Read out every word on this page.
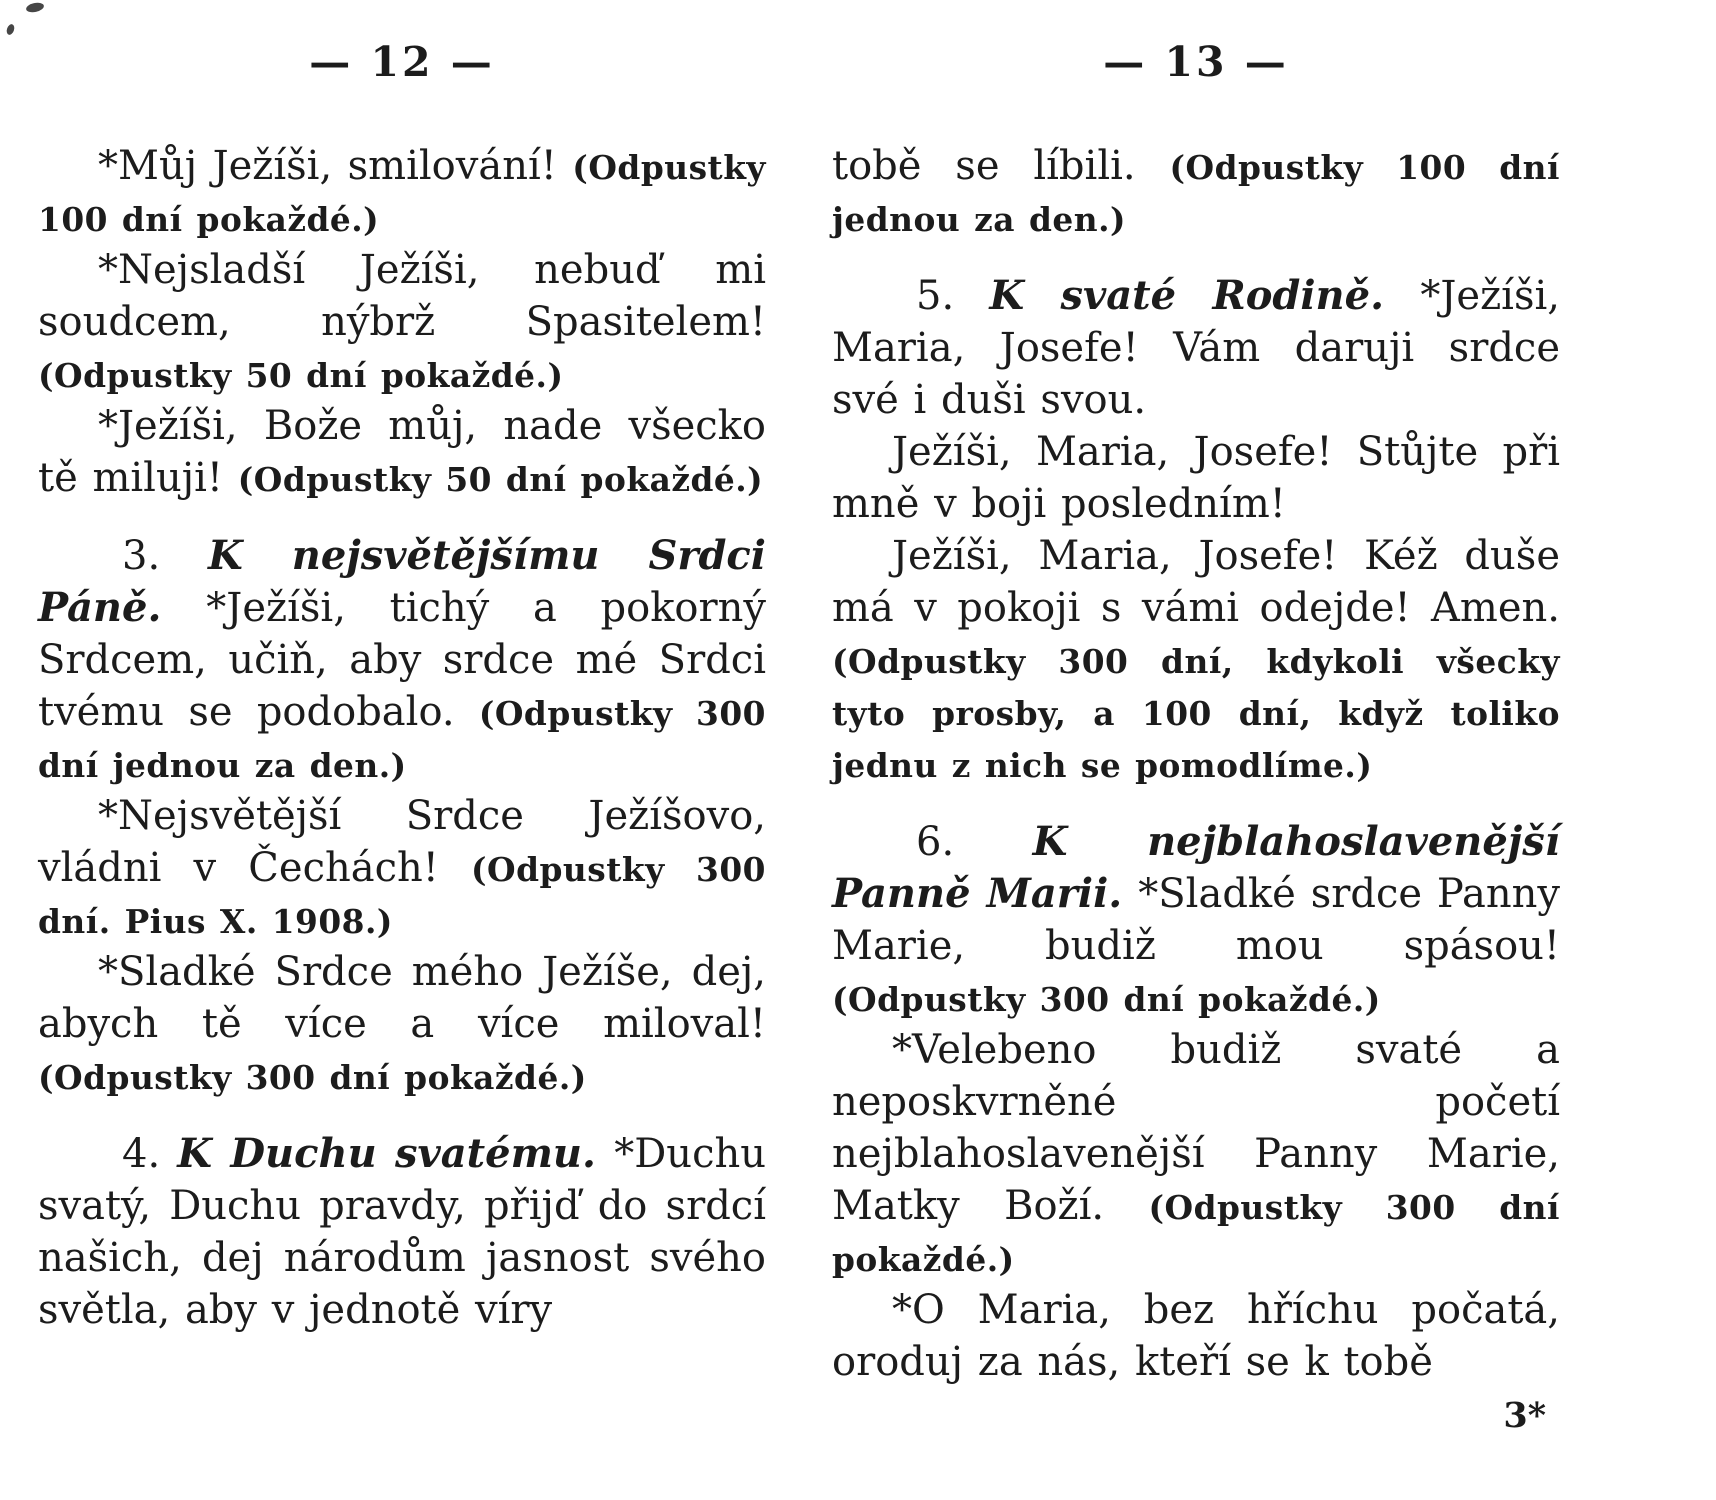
— 12 —

*Můj Ježíši, smilování! (Odpustky 100 dní pokaždé.)

*Nejsladší Ježíši, nebuď mi soudcem, nýbrž Spasitelem! (Odpustky 50 dní pokaždé.)

*Ježíši, Bože můj, nade všecko tě miluji! (Odpustky 50 dní pokaždé.)

3. K nejsvětějšímu Srdci Páně. *Ježíši, tichý a pokorný Srdcem, učiň, aby srdce mé Srdci tvému se podobalo. (Odpustky 300 dní jednou za den.)

*Nejsvětější Srdce Ježíšovo, vládni v Čechách! (Odpustky 300 dní. Pius X. 1908.)

*Sladké Srdce mého Ježíše, dej, abych tě více a více miloval! (Odpustky 300 dní pokaždé.)

4. K Duchu svatému. *Duchu svatý, Duchu pravdy, přijď do srdcí našich, dej národům jasnost svého světla, aby v jednotě víry

— 13 —

tobě se líbili. (Odpustky 100 dní jednou za den.)

5. K svaté Rodině. *Ježíši, Maria, Josefe! Vám daruji srdce své i duši svou.

Ježíši, Maria, Josefe! Stůjte při mně v boji posledním!

Ježíši, Maria, Josefe! Kéž duše má v pokoji s vámi odejde! Amen. (Odpustky 300 dní, kdykoli všecky tyto prosby, a 100 dní, když toliko jednu z nich se pomodlíme.)

6. K nejblahoslavenější Panně Marii. *Sladké srdce Panny Marie, budiž mou spásou! (Odpustky 300 dní pokaždé.)

*Velebeno budiž svaté a neposkvrněné početí nejblahoslavenější Panny Marie, Matky Boží. (Odpustky 300 dní pokaždé.)

*O Maria, bez hříchu počatá, oroduj za nás, kteří se k tobě

3*
